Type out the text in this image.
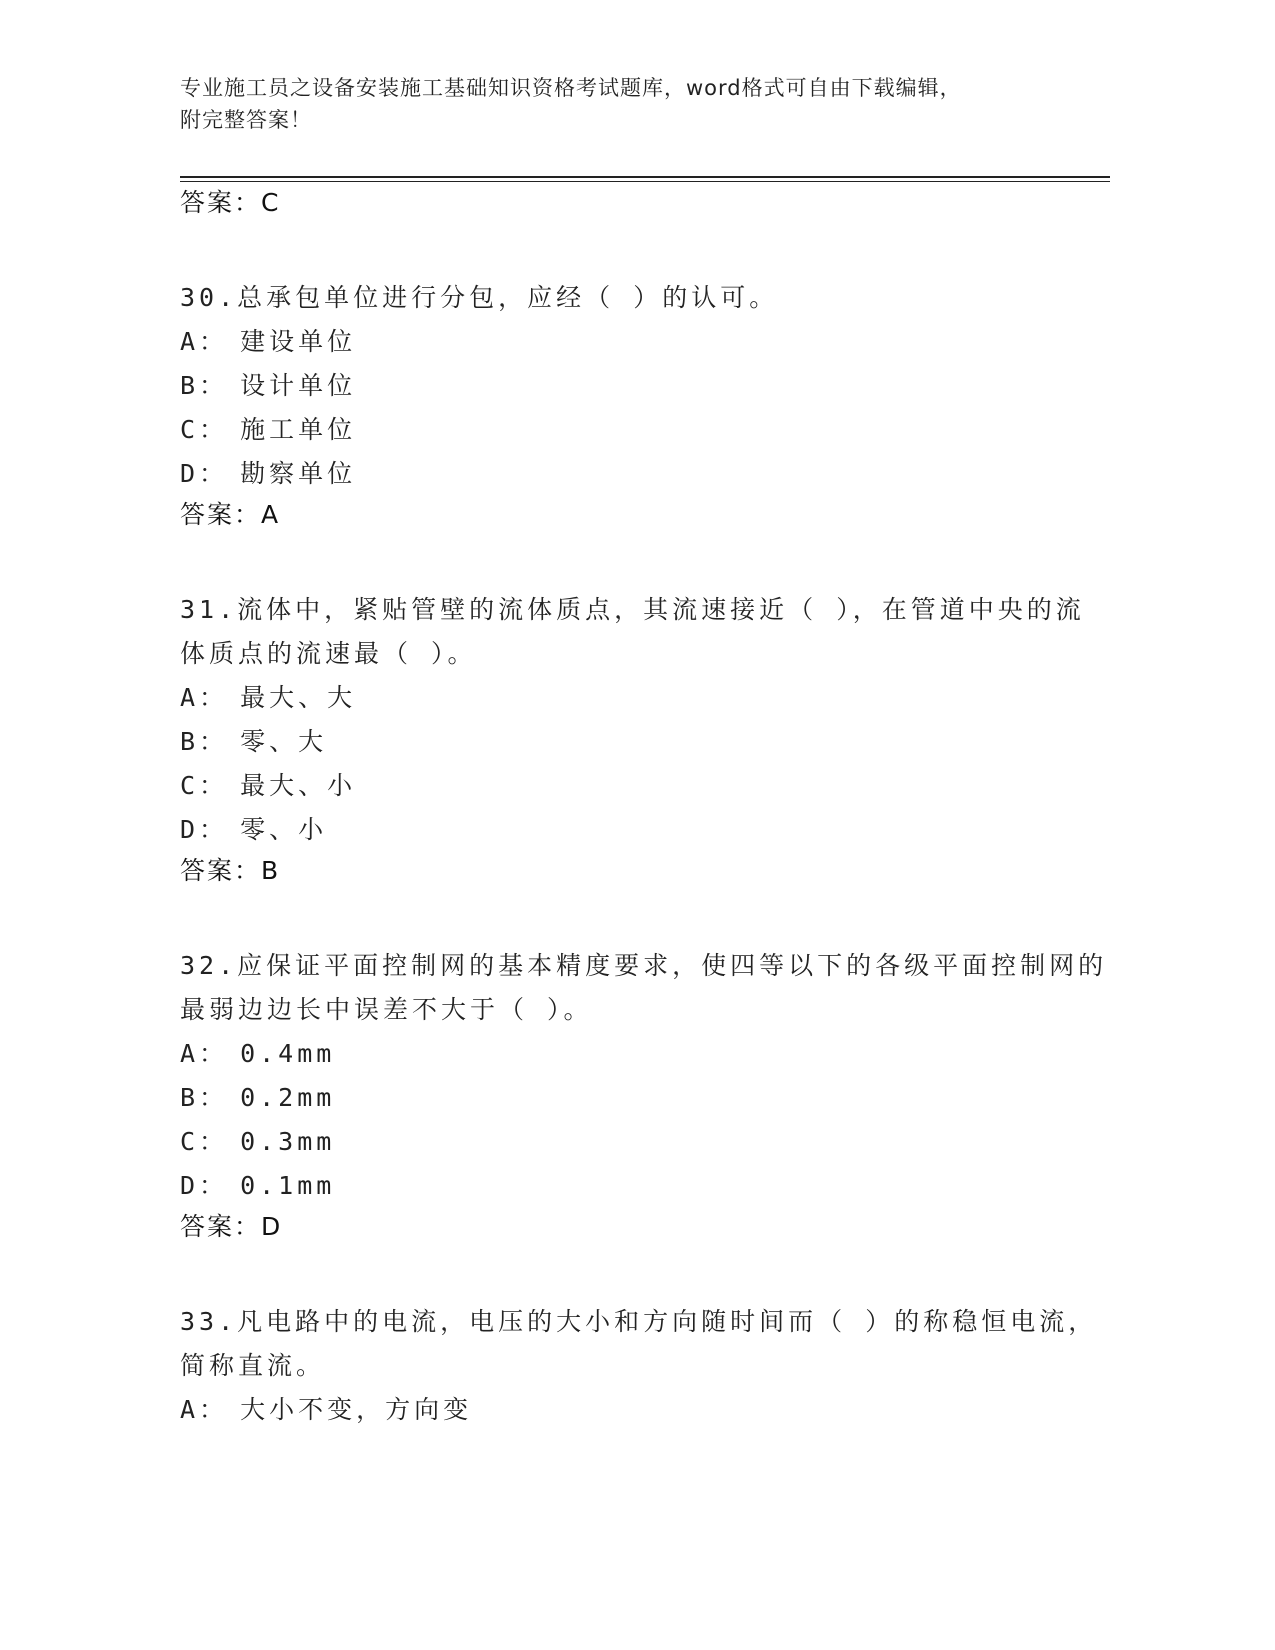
专业施工员之设备安装施工基础知识资格考试题库，word格式可自由下载编辑，
附完整答案！
答案：C
30.总承包单位进行分包，应经（ ）的认可。
A： 建设单位
B： 设计单位
C： 施工单位
D： 勘察单位
答案：A
31.流体中，紧贴管壁的流体质点，其流速接近（ ），在管道中央的流体质点的流速最（ ）。
A： 最大、大
B： 零、大
C： 最大、小
D： 零、小
答案：B
32.应保证平面控制网的基本精度要求，使四等以下的各级平面控制网的最弱边边长中误差不大于（ ）。
A： 0.4mm
B： 0.2mm
C： 0.3mm
D： 0.1mm
答案：D
33.凡电路中的电流，电压的大小和方向随时间而（ ）的称稳恒电流，简称直流。
A： 大小不变，方向变
